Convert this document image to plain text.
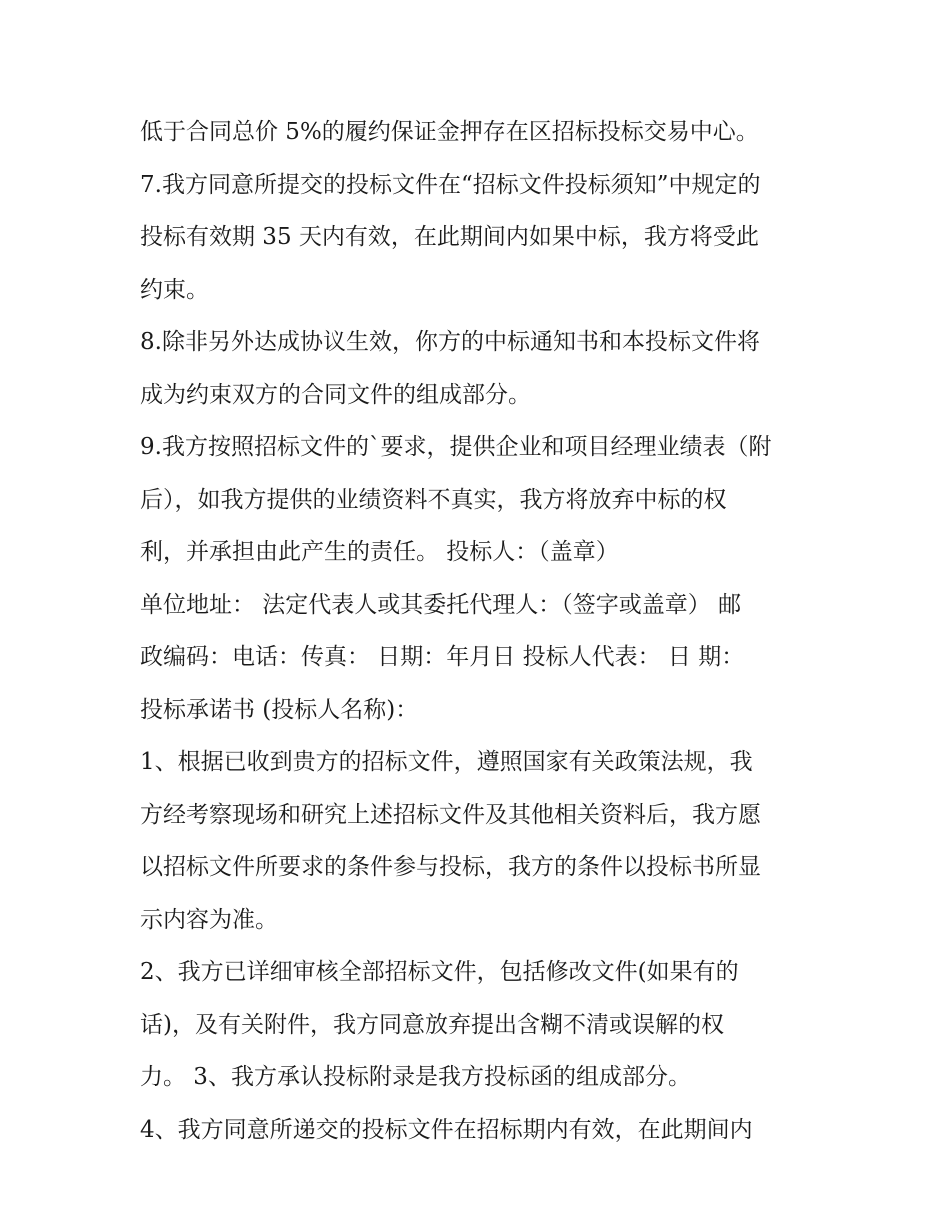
低于合同总价 5%的履约保证金押存在区招标投标交易中心。
7.我方同意所提交的投标文件在“招标文件投标须知”中规定的
投标有效期 35 天内有效，在此期间内如果中标，我方将受此
约束。
8.除非另外达成协议生效，你方的中标通知书和本投标文件将
成为约束双方的合同文件的组成部分。
9.我方按照招标文件的`要求，提供企业和项目经理业绩表（附
后），如我方提供的业绩资料不真实，我方将放弃中标的权
利，并承担由此产生的责任。 投标人：（盖章）
单位地址： 法定代表人或其委托代理人：（签字或盖章） 邮
政编码：电话：传真： 日期：年月日 投标人代表： 日 期：
投标承诺书 (投标人名称)：
1、根据已收到贵方的招标文件，遵照国家有关政策法规，我
方经考察现场和研究上述招标文件及其他相关资料后，我方愿
以招标文件所要求的条件参与投标，我方的条件以投标书所显
示内容为准。
2、我方已详细审核全部招标文件，包括修改文件(如果有的
话)，及有关附件，我方同意放弃提出含糊不清或误解的权
力。 3、我方承认投标附录是我方投标函的组成部分。
4、我方同意所递交的投标文件在招标期内有效，在此期间内
